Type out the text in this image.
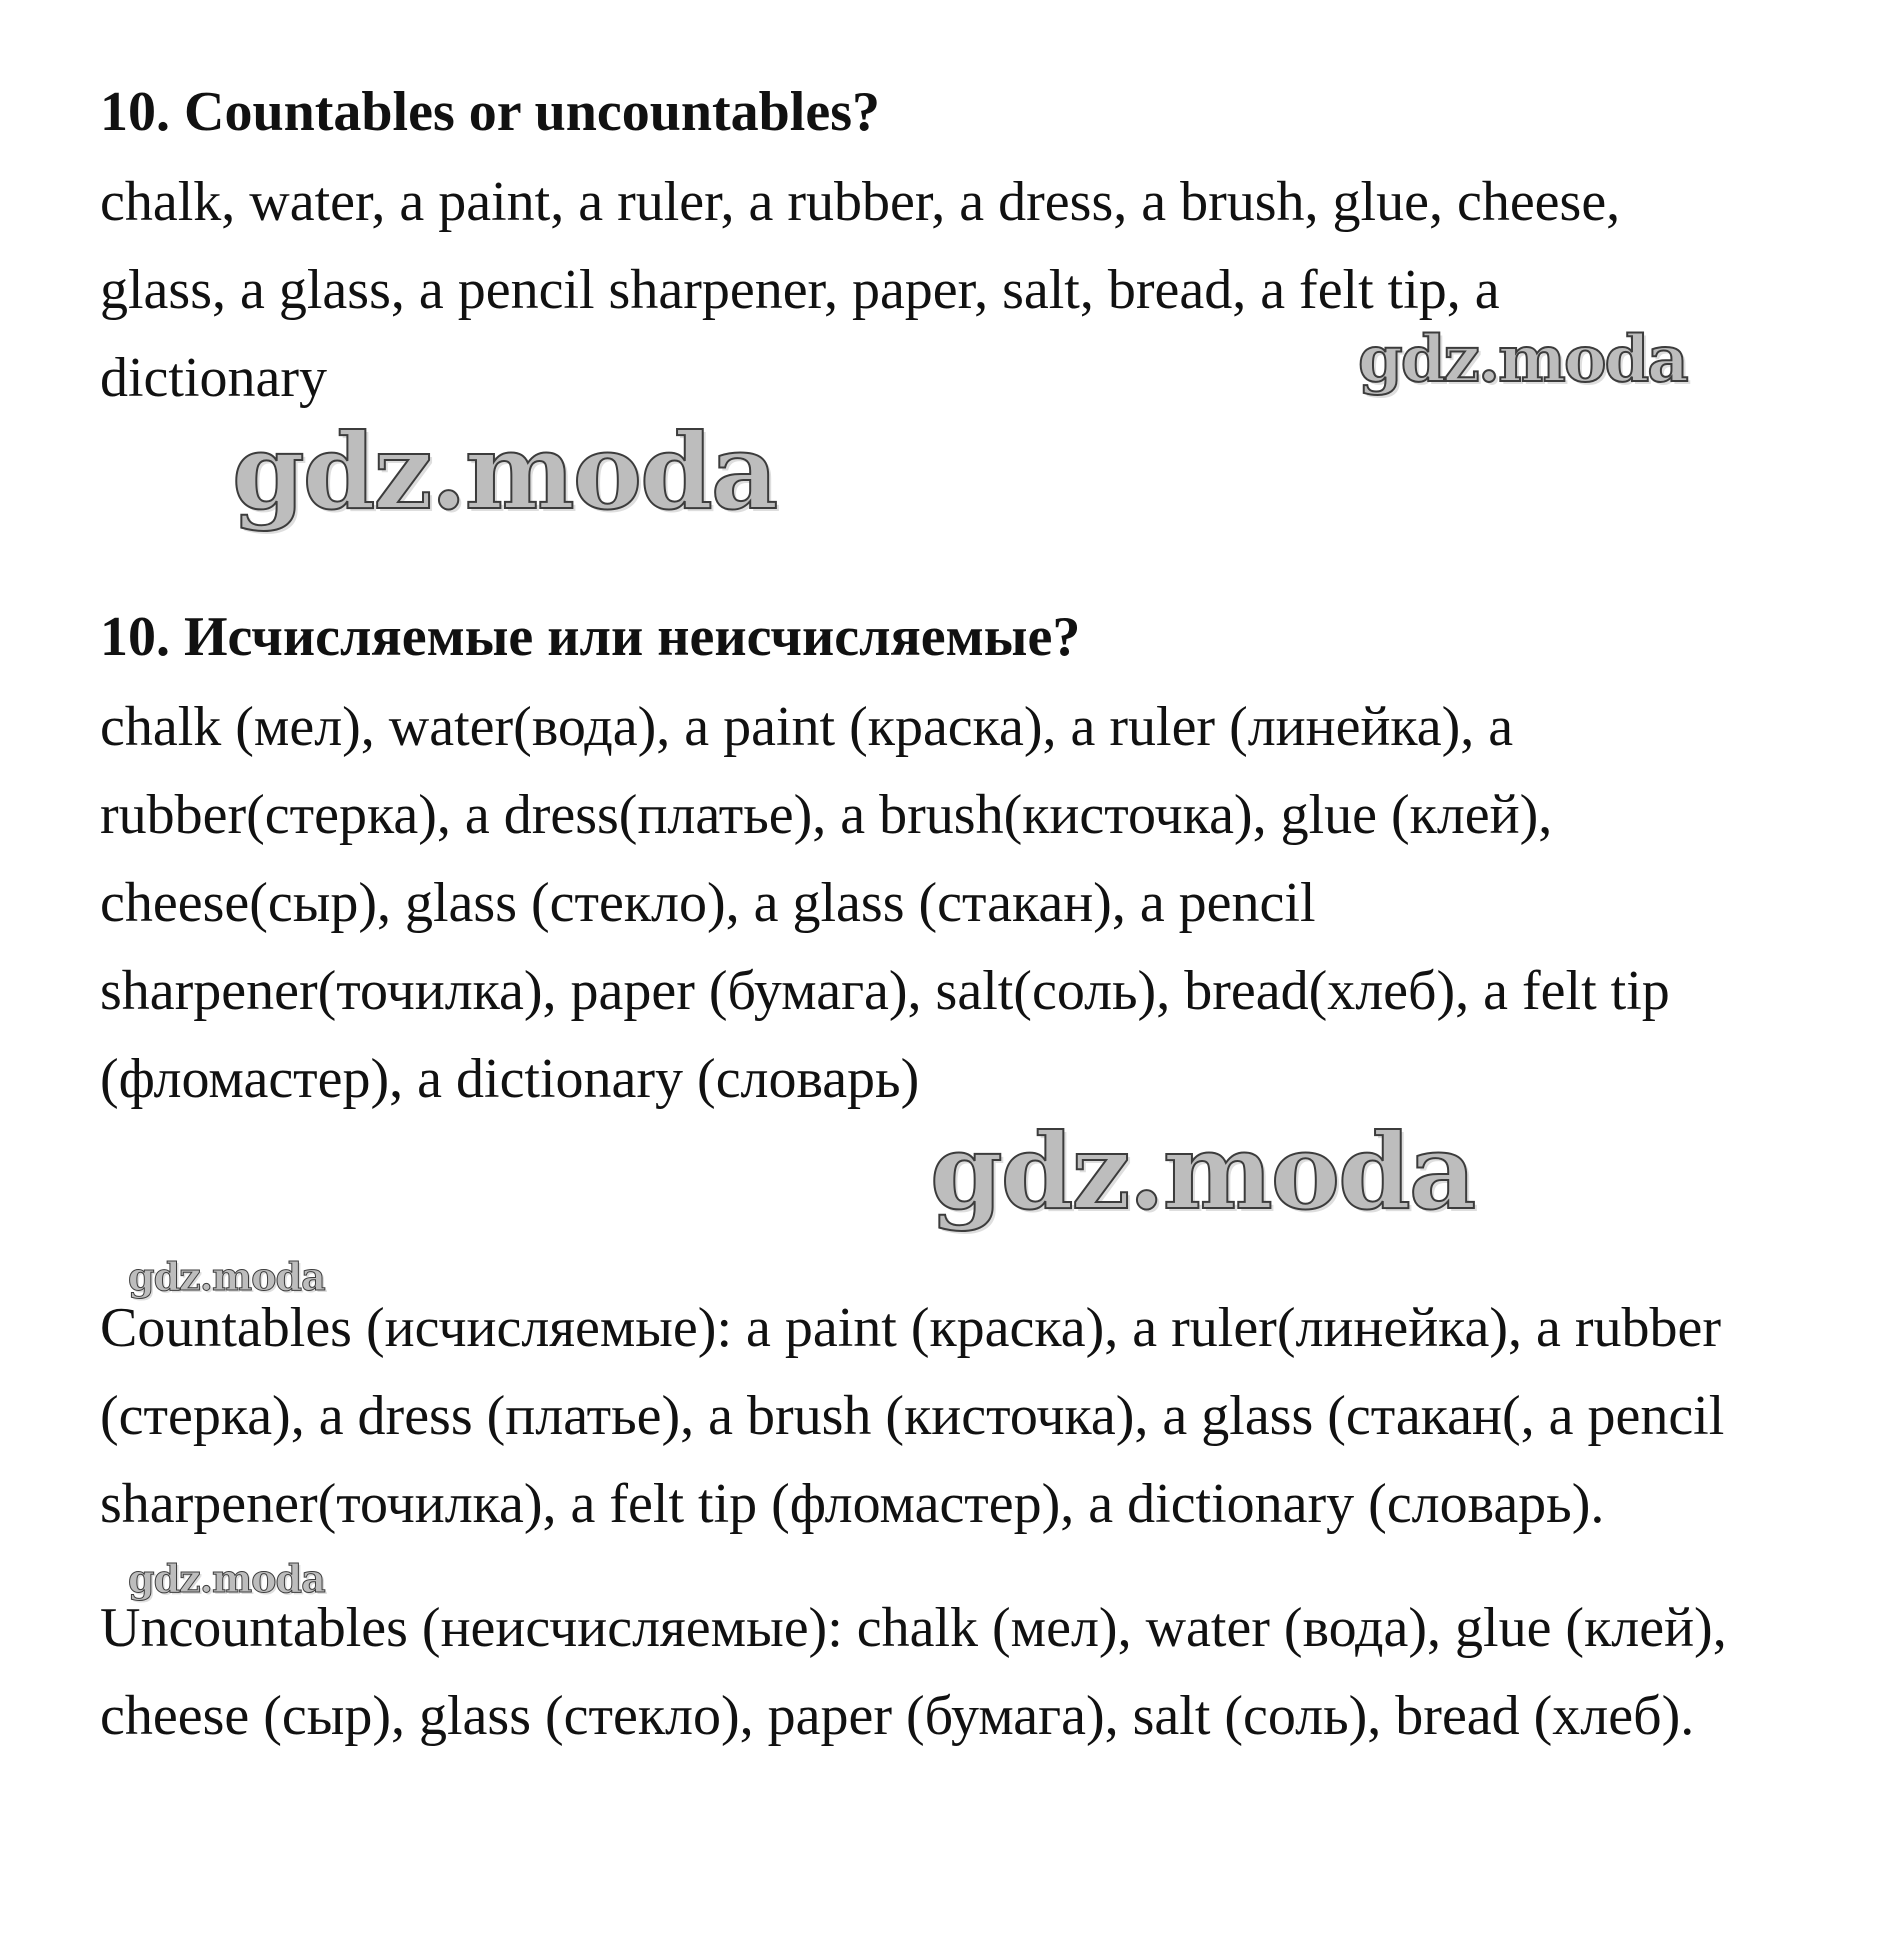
10. Countables or uncountables?
chalk, water, a paint, a ruler, a rubber, a dress, a brush, glue, cheese,
glass, a glass, a pencil sharpener, paper, salt, bread, a felt tip, a
dictionary
10. Исчисляемые или неисчисляемые?
chalk (мел), water(вода), a paint (краска), a ruler (линейка), a
rubber(стерка), a dress(платье), a brush(кисточка), glue (клей),
cheese(сыр), glass (стекло), a glass (стакан), a pencil
sharpener(точилка), paper (бумага), salt(соль), bread(хлеб), a felt tip
(фломастер), a dictionary (словарь)
Countables (исчисляемые): a paint (краска), a ruler(линейка), a rubber
(стерка), a dress (платье), a brush (кисточка), a glass (стакан(, a pencil
sharpener(точилка), a felt tip (фломастер), a dictionary (словарь).
Uncountables (неисчисляемые): chalk (мел), water (вода), glue (клей),
cheese (сыр), glass (стекло), paper (бумага), salt (соль), bread (хлеб).
gdz.moda
gdz.moda
gdz.moda
gdz.moda
gdz.moda
